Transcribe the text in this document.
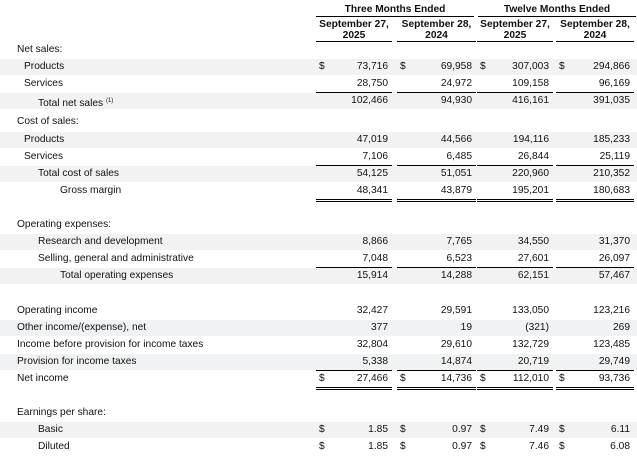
Three Months Ended	Twelve Months Ended
September 27,
2025
September 28,
2024
September 27,
2025
September 28,
2024
Net sales:
Products	$	73,716 $	69,958 $	307,003 $	294,866
Services	28,750	24,972	109,158	96,169
Total net sales $^{(1)}$	102,466	94,930	416,161	391,035
Cost of sales:
Products	47,019	44,566	194,116	185,233
Services	7,106	6,485	26,844	25,119
Total cost of sales	54,125	51,051	220,960	210,352
Gross margin	48,341	43,879	195,201	180,683
Operating expenses:
Research and development	8,866	7,765	34,550	31,370
Selling, general and administrative	7,048	6,523	27,601	26,097
Total operating expenses	15,914	14,288	62,151	57,467
Operating income	32,427	29,591	133,050	123,216
Other income/(expense), net	377	19	(321)	269
Income before provision for income taxes	32,804	29,610	132,729	123,485
Provision for income taxes	5,338	14,874	20,719	29,749
Net income	$	27,466 $	14,736 $	112,010 $	93,736
Earnings per share:
Basic	$	1.85 $	0.97 $	7.49 $	6.11
Diluted	$	1.85 $	0.97 $	7.46 $	6.08
